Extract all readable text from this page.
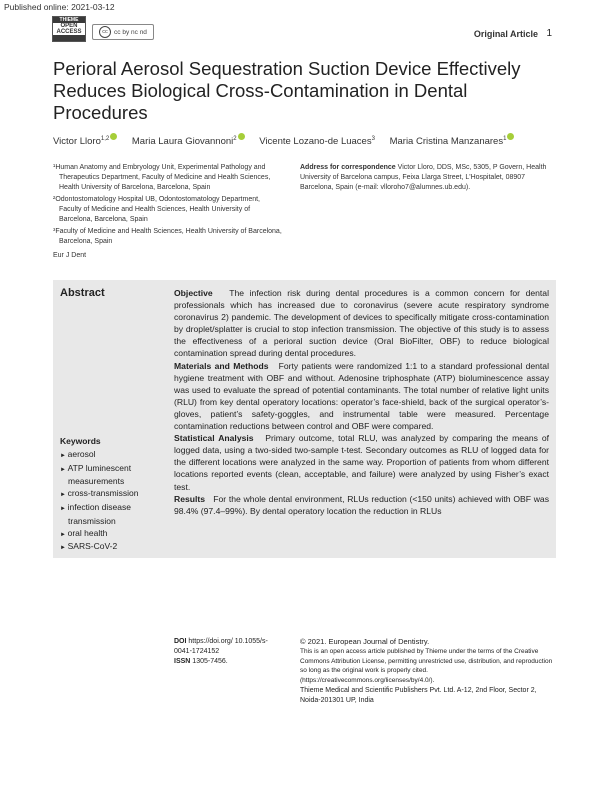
Published online: 2021-03-12
THIEME
OPEN ACCESS	cc cc by nc nd	Original Article 1
Perioral Aerosol Sequestration Suction Device Effectively Reduces Biological Cross-Contamination in Dental Procedures
Victor Lloro$^{1,2}$ Maria Laura Giovannoni$^2$ Vicente Lozano-de Luaces$^3$ Maria Cristina Manzanares$^1$

¹Human Anatomy and Embryology Unit, Experimental Pathology and Therapeutics Department, Faculty of Medicine and Health Sciences, Health University of Barcelona, Barcelona, Spain

²Odontostomatology Hospital UB, Odontostomatology Department, Faculty of Medicine and Health Sciences, Health University of Barcelona, Barcelona, Spain

³Faculty of Medicine and Health Sciences, Health University of Barcelona, Barcelona, Spain

Address for correspondence Victor Lloro, DDS, MSc, 5305, P Govern, Health University of Barcelona campus, Feixa Llarga Street, L'Hospitalet, 08907 Barcelona, Spain (e-mail: vlloroho7@alumnes.ub.edu).
Eur J Dent
Abstract
Keywords
► aerosol
► ATP luminescent measurements
► cross-transmission
► infection disease transmission
► oral health
► SARS-CoV-2

Objective The infection risk during dental procedures is a common concern for dental professionals which has increased due to coronavirus (severe acute respiratory syndrome coronavirus 2) pandemic. The development of devices to specifically mitigate cross-contamination by droplet/splatter is crucial to stop infection transmission. The objective of this study is to assess the effectiveness of a perioral suction device (Oral BioFilter, OBF) to reduce biological contamination spread during dental procedures.

Materials and Methods Forty patients were randomized 1:1 to a standard professional dental hygiene treatment with OBF and without. Adenosine triphosphate (ATP) bioluminescence assay was used to evaluate the spread of potential contaminants. The total number of relative light units (RLU) from key dental operatory locations: operator’s face-shield, back of the surgical operator’s-gloves, patient’s safety-goggles, and instrumental table were measured. Percentage contamination reductions between control and OBF were compared.

Statistical Analysis Primary outcome, total RLU, was analyzed by comparing the means of logged data, using a two-sided two-sample t-test. Secondary outcomes as RLU of logged data for the different locations were analyzed in the same way. Proportion of patients from whom different locations reported events (clean, acceptable, and failure) were analyzed by using Fisher’s exact test.

Results For the whole dental environment, RLUs reduction (<150 units) achieved with OBF was 98.4% (97.4–99%). By dental operatory location the reduction in RLUs

DOI https://doi.org/ 10.1055/s-0041-1724152
ISSN 1305-7456.
© 2021. European Journal of Dentistry.
This is an open access article published by Thieme under the terms of the Creative Commons Attribution License, permitting unrestricted use, distribution, and reproduction so long as the original work is properly cited. (https://creativecommons.org/licenses/by/4.0/).
Thieme Medical and Scientific Publishers Pvt. Ltd. A-12, 2nd Floor, Sector 2, Noida-201301 UP, India
